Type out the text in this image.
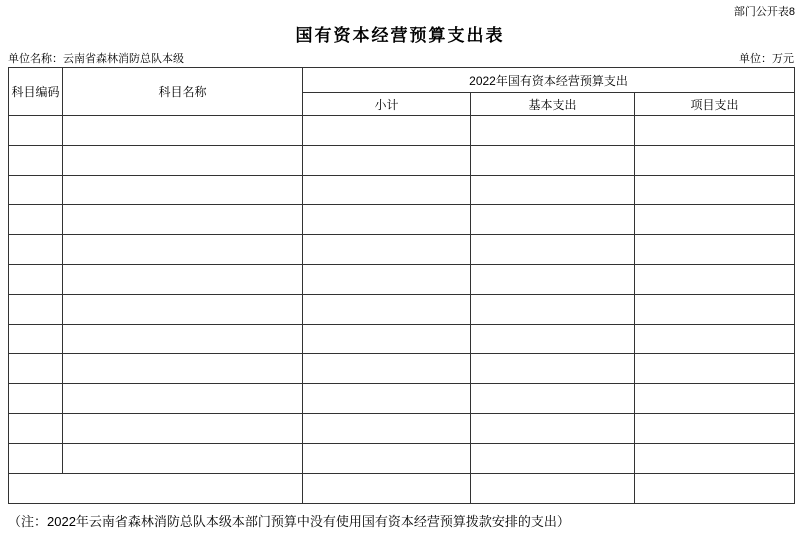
部门公开表8
国有资本经营预算支出表
单位名称：云南省森林消防总队本级	单位：万元
科目编码	科目名称	2022年国有资本经营预算支出		
		小计	基本支出	项目支出

（注：2022年云南省森林消防总队本级本部门预算中没有使用国有资本经营预算拨款安排的支出）
